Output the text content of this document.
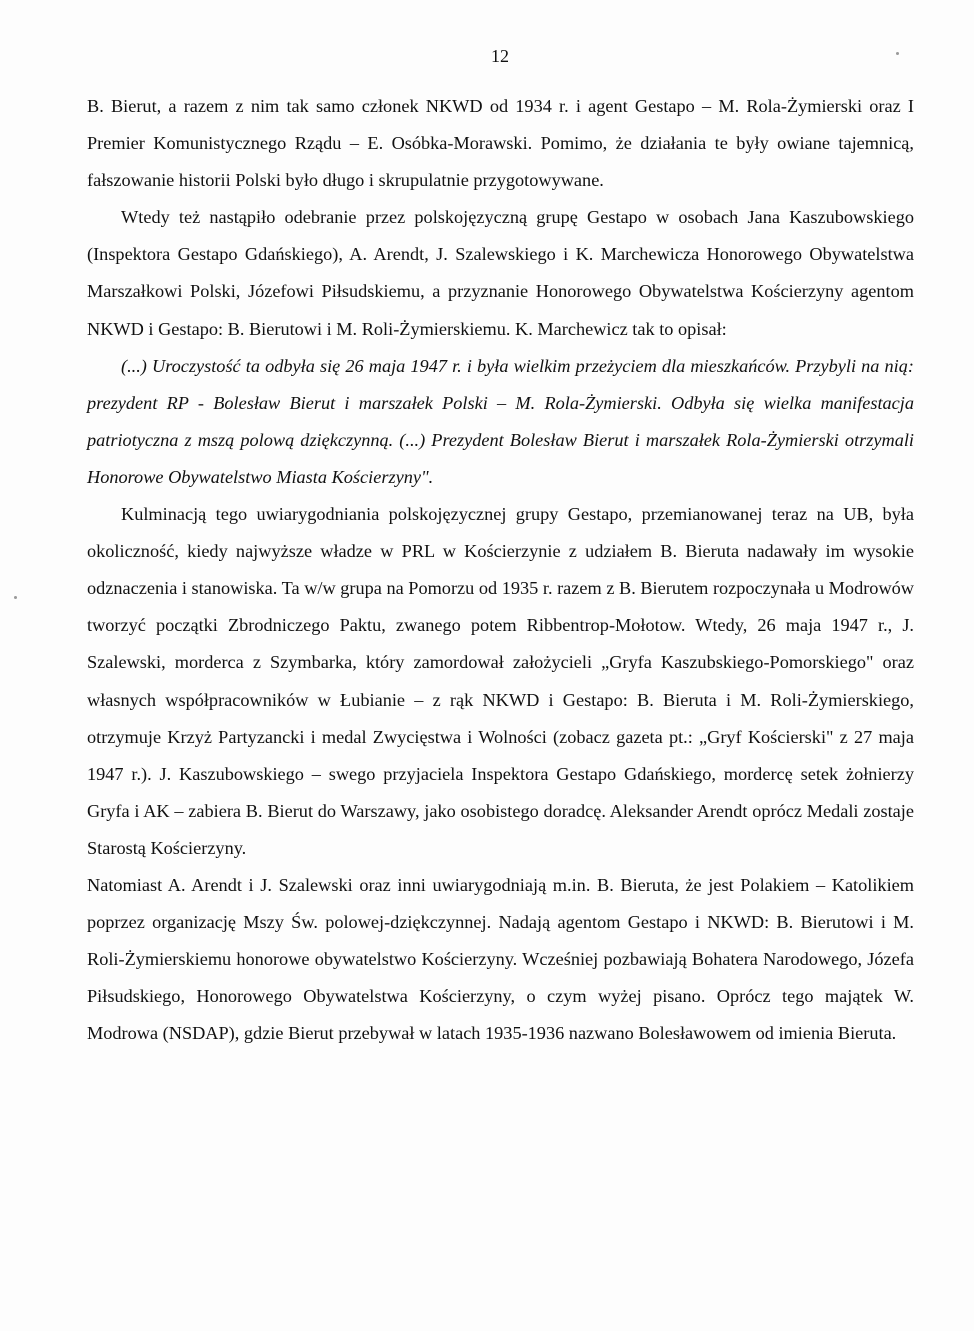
12

B. Bierut, a razem z nim tak samo członek NKWD od 1934 r. i agent Gestapo – M. Rola-Żymierski oraz I Premier Komunistycznego Rządu – E. Osóbka-Morawski. Pomimo, że działania te były owiane tajemnicą, fałszowanie historii Polski było długo i skrupulatnie przygotowywane.

Wtedy też nastąpiło odebranie przez polskojęzyczną grupę Gestapo w osobach Jana Kaszubowskiego (Inspektora Gestapo Gdańskiego), A. Arendt, J. Szalewskiego i K. Marchewicza Honorowego Obywatelstwa Marszałkowi Polski, Józefowi Piłsudskiemu, a przyznanie Honorowego Obywatelstwa Kościerzyny agentom NKWD i Gestapo: B. Bierutowi i M. Roli-Żymierskiemu. K. Marchewicz tak to opisał:

(...) Uroczystość ta odbyła się 26 maja 1947 r. i była wielkim przeżyciem dla mieszkańców. Przybyli na nią: prezydent RP - Bolesław Bierut i marszałek Polski – M. Rola-Żymierski. Odbyła się wielka manifestacja patriotyczna z mszą polową dziękczynną. (...) Prezydent Bolesław Bierut i marszałek Rola-Żymierski otrzymali Honorowe Obywatelstwo Miasta Kościerzyny".

Kulminacją tego uwiarygodniania polskojęzycznej grupy Gestapo, przemianowanej teraz na UB, była okoliczność, kiedy najwyższe władze w PRL w Kościerzynie z udziałem B. Bieruta nadawały im wysokie odznaczenia i stanowiska. Ta w/w grupa na Pomorzu od 1935 r. razem z B. Bierutem rozpoczynała u Modrowów tworzyć początki Zbrodniczego Paktu, zwanego potem Ribbentrop-Mołotow. Wtedy, 26 maja 1947 r., J. Szalewski, morderca z Szymbarka, który zamordował założycieli „Gryfa Kaszubskiego-Pomorskiego" oraz własnych współpracowników w Łubianie – z rąk NKWD i Gestapo: B. Bieruta i M. Roli-Żymierskiego, otrzymuje Krzyż Partyzancki i medal Zwycięstwa i Wolności (zobacz gazeta pt.: „Gryf Kościerski" z 27 maja 1947 r.). J. Kaszubowskiego – swego przyjaciela Inspektora Gestapo Gdańskiego, mordercę setek żołnierzy Gryfa i AK – zabiera B. Bierut do Warszawy, jako osobistego doradcę. Aleksander Arendt oprócz Medali zostaje Starostą Kościerzyny.

Natomiast A. Arendt i J. Szalewski oraz inni uwiarygodniają m.in. B. Bieruta, że jest Polakiem – Katolikiem poprzez organizację Mszy Św. polowej-dziękczynnej. Nadają agentom Gestapo i NKWD: B. Bierutowi i M. Roli-Żymierskiemu honorowe obywatelstwo Kościerzyny. Wcześniej pozbawiają Bohatera Narodowego, Józefa Piłsudskiego, Honorowego Obywatelstwa Kościerzyny, o czym wyżej pisano. Oprócz tego majątek W. Modrowa (NSDAP), gdzie Bierut przebywał w latach 1935-1936 nazwano Bolesławowem od imienia Bieruta.
